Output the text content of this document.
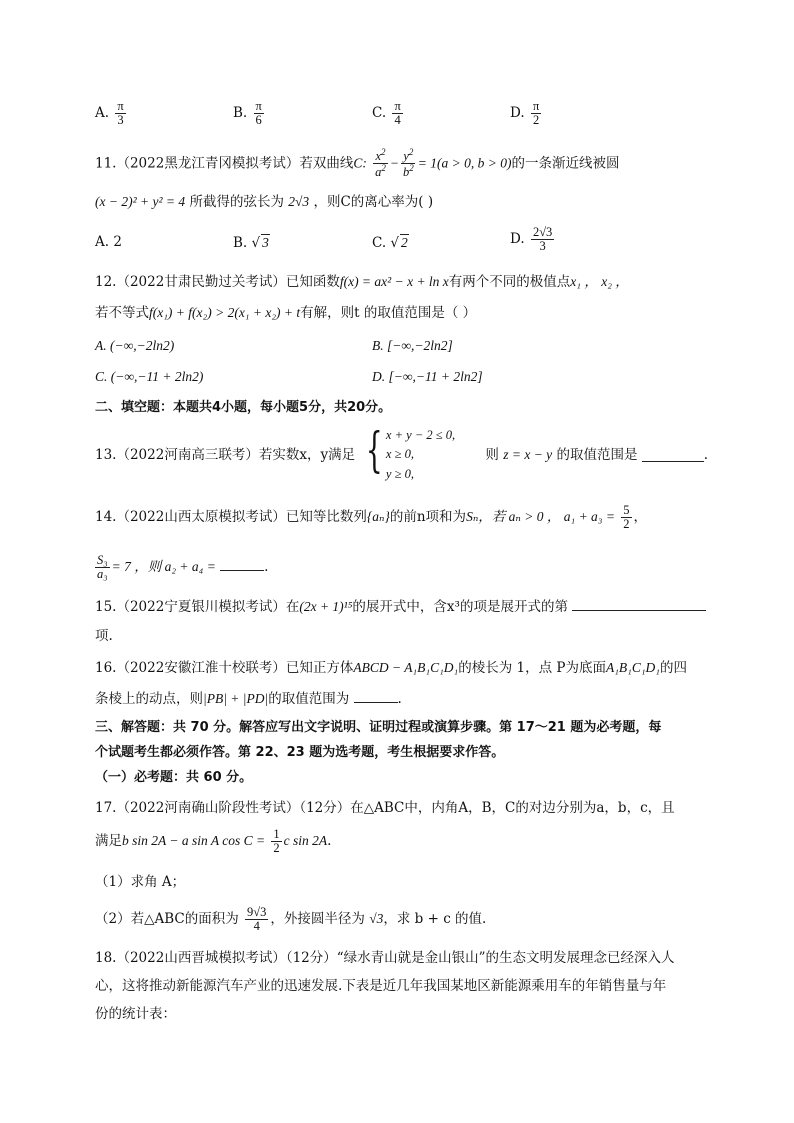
A. $\frac{\pi}{3}$	B. $\frac{\pi}{6}$	C. $\frac{\pi}{4}$	D. $\frac{\pi}{2}$
11.（2022黑龙江青冈模拟考试）若双曲线C: $\frac{x^2}{a^2} - \frac{y^2}{b^2} = 1(a > 0$, b > 0)的一条渐近线被圆
(x − 2)² + y² = 4 所截得的弦长为 2√3 ，则C的离心率为( )
A. 2	B. √ 3	C. √ 2	D. $\frac{2√3}{3}$
12.（2022甘肃民勤过关考试）已知函数f(x) = ax² − x + ln x有两个不同的极值点x₁ ， x₂ ，
若不等式f(x₁) + f(x₂) > 2(x₁ + x₂) + t有解，则t 的取值范围是（ ）
A. (−∞,−2ln2)	B. [−∞,−2ln2]
C. (−∞,−11 + 2ln2)	D. [−∞,−11 + 2ln2]
二、填空题：本题共4小题，每小题5分，共20分。
13.（2022河南高三联考）若实数x，y满足 { x + y − 2 ≤ 0,
x ≥ 0,
y ≥ 0,
则 z = x − y 的取值范围是	.
14.（2022山西太原模拟考试）已知等比数列{aₙ}的前n项和为Sₙ，若 aₙ > 0 ， $a_1 + a_3 = \frac{5}{2}$ ，
$\frac{\text{S₃}}{\text{a₃}} = 7$ ，则 a₂ + a₄ =	.
15.（2022宁夏银川模拟考试）在(2x + 1)¹⁵的展开式中，含x³的项是展开式的第
项.
16.（2022安徽江淮十校联考）已知正方体ABCD − A₁B₁C₁D₁的棱长为 1，点 P为底面A₁B₁C₁D₁的四
条棱上的动点，则|PB| + |PD|的取值范围为	.
三、解答题：共 70 分。解答应写出文字说明、证明过程或演算步骤。第 17～21 题为必考题，每
个试题考生都必须作答。第 22、23 题为选考题，考生根据要求作答。
（一）必考题：共 60 分。
17.（2022河南确山阶段性考试）（12分）在△ABC中，内角A，B，C的对边分别为a，b，c，且
满足b sin 2A − a sin A $\cos C = \frac{1}{2}$ c sin 2A.
（1）求角 A；
（2）若△ABC的面积为 $\frac{9√3}{4}$ ，外接圆半径为 √3，求 b + c 的值.
18.（2022山西晋城模拟考试）（12分）“绿水青山就是金山银山”的生态文明发展理念已经深入人
心，这将推动新能源汽车产业的迅速发展.下表是近几年我国某地区新能源乘用车的年销售量与年
份的统计表：
